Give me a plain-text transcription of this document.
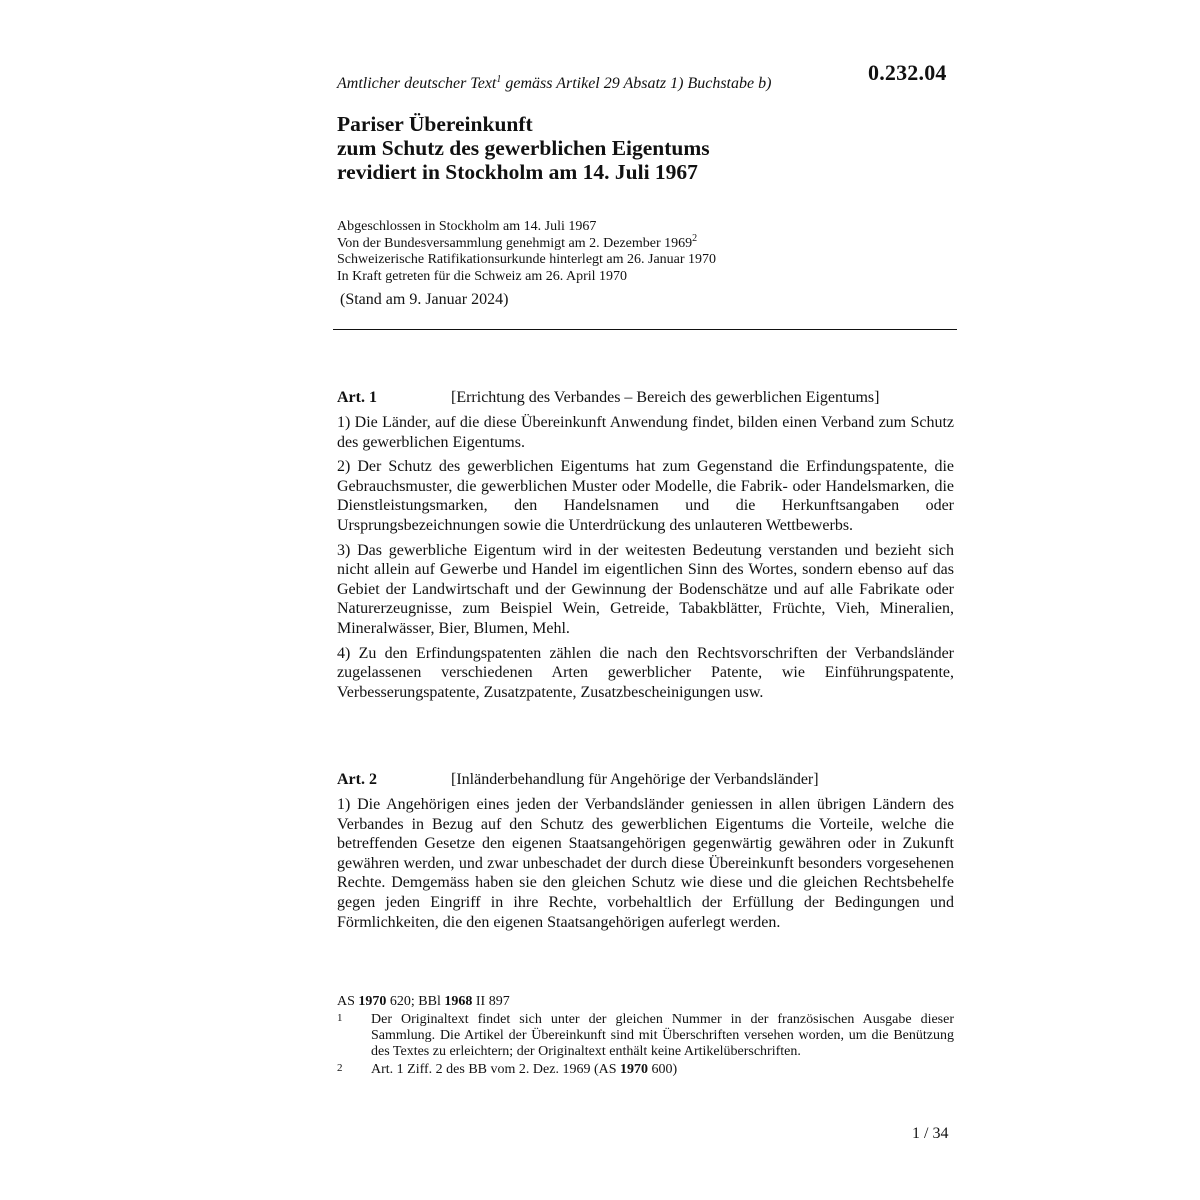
0.232.04
Amtlicher deutscher Text$^1$ gemäss Artikel 29 Absatz 1) Buchstabe b)
Pariser Übereinkunft
zum Schutz des gewerblichen Eigentums
revidiert in Stockholm am 14. Juli 1967
Abgeschlossen in Stockholm am 14. Juli 1967
Von der Bundesversammlung genehmigt am 2. Dezember 1969$^2$
Schweizerische Ratifikationsurkunde hinterlegt am 26. Januar 1970
In Kraft getreten für die Schweiz am 26. April 1970
(Stand am 9. Januar 2024)
Art. 1	[Errichtung des Verbandes – Bereich des gewerblichen Eigentums]

1) Die Länder, auf die diese Übereinkunft Anwendung findet, bilden einen Verband zum Schutz des gewerblichen Eigentums.

2) Der Schutz des gewerblichen Eigentums hat zum Gegenstand die Erfindungspatente, die Gebrauchsmuster, die gewerblichen Muster oder Modelle, die Fabrik- oder Handelsmarken, die Dienstleistungsmarken, den Handelsnamen und die Herkunftsangaben oder Ursprungsbezeichnungen sowie die Unterdrückung des unlauteren Wettbewerbs.

3) Das gewerbliche Eigentum wird in der weitesten Bedeutung verstanden und bezieht sich nicht allein auf Gewerbe und Handel im eigentlichen Sinn des Wortes, sondern ebenso auf das Gebiet der Landwirtschaft und der Gewinnung der Bodenschätze und auf alle Fabrikate oder Naturerzeugnisse, zum Beispiel Wein, Getreide, Tabakblätter, Früchte, Vieh, Mineralien, Mineralwässer, Bier, Blumen, Mehl.

4) Zu den Erfindungspatenten zählen die nach den Rechtsvorschriften der Verbandsländer zugelassenen verschiedenen Arten gewerblicher Patente, wie Einführungspatente, Verbesserungspatente, Zusatzpatente, Zusatzbescheinigungen usw.

Art. 2	[Inländerbehandlung für Angehörige der Verbandsländer]

1) Die Angehörigen eines jeden der Verbandsländer geniessen in allen übrigen Ländern des Verbandes in Bezug auf den Schutz des gewerblichen Eigentums die Vorteile, welche die betreffenden Gesetze den eigenen Staatsangehörigen gegenwärtig gewähren oder in Zukunft gewähren werden, und zwar unbeschadet der durch diese Übereinkunft besonders vorgesehenen Rechte. Demgemäss haben sie den gleichen Schutz wie diese und die gleichen Rechtsbehelfe gegen jeden Eingriff in ihre Rechte, vorbehaltlich der Erfüllung der Bedingungen und Förmlichkeiten, die den eigenen Staatsangehörigen auferlegt werden.

AS 1970 620; BBl 1968 II 897
1 Der Originaltext findet sich unter der gleichen Nummer in der französischen Ausgabe dieser Sammlung. Die Artikel der Übereinkunft sind mit Überschriften versehen worden, um die Benützung des Textes zu erleichtern; der Originaltext enthält keine Artikelüberschriften.
2 Art. 1 Ziff. 2 des BB vom 2. Dez. 1969 (AS 1970 600)
1 / 34
